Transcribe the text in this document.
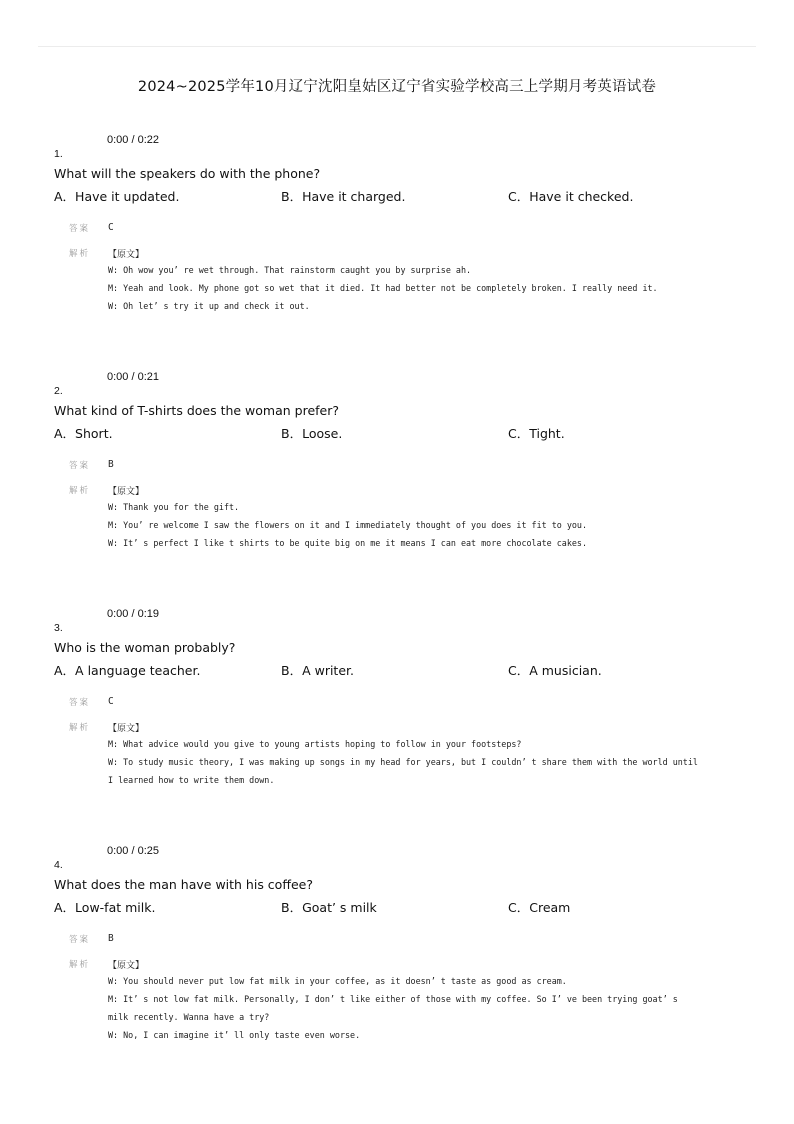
2024~2025学年10月辽宁沈阳皇姑区辽宁省实验学校高三上学期月考英语试卷
0:00 / 0:22
1.
What will the speakers do with the phone?
A．Have it updated.	B．Have it charged.	C．Have it checked.
答案 C
解析 【原文】
W: Oh wow you’ re wet through. That rainstorm caught you by surprise ah.
M: Yeah and look. My phone got so wet that it died. It had better not be completely broken. I really need it.
W: Oh let’ s try it up and check it out.
0:00 / 0:21
2.
What kind of T-shirts does the woman prefer?
A．Short.	B．Loose.	C．Tight.
答案 B
解析 【原文】
W: Thank you for the gift.
M: You’ re welcome I saw the flowers on it and I immediately thought of you does it fit to you.
W: It’ s perfect I like t shirts to be quite big on me it means I can eat more chocolate cakes.
0:00 / 0:19
3.
Who is the woman probably?
A．A language teacher.	B．A writer.	C．A musician.
答案 C
解析 【原文】
M: What advice would you give to young artists hoping to follow in your footsteps?
W: To study music theory, I was making up songs in my head for years, but I couldn’ t share them with the world until
I learned how to write them down.
0:00 / 0:25
4.
What does the man have with his coffee?
A．Low-fat milk.	B．Goat’ s milk	C．Cream
答案 B
解析 【原文】
W: You should never put low fat milk in your coffee, as it doesn’ t taste as good as cream.
M: It’ s not low fat milk. Personally, I don’ t like either of those with my coffee. So I’ ve been trying goat’ s
milk recently. Wanna have a try?
W: No, I can imagine it’ ll only taste even worse.
